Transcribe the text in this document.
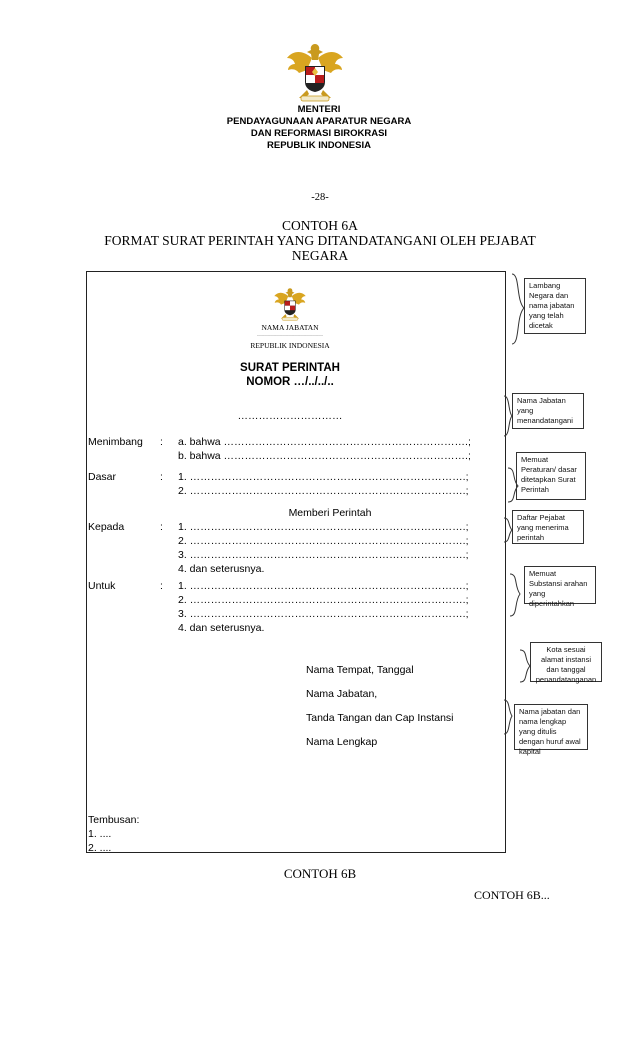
MENTERI
PENDAYAGUNAAN APARATUR NEGARA
DAN REFORMASI BIROKRASI
REPUBLIK INDONESIA
-28-
CONTOH 6A
FORMAT SURAT PERINTAH YANG DITANDATANGANI OLEH PEJABAT
NEGARA
NAMA JABATAN
……………………………
REPUBLIK INDONESIA
SURAT PERINTAH
NOMOR …/../../..
…………………………
Menimbang : a. bahwa …………………………………………………………….;
b. bahwa …………………………………………………………….;
Dasar	: 1. …………………………………………………………………….;
2. …………………………………………………………………….;
Memberi Perintah
Kepada	: 1. …………………………………………………………………….;
2. …………………………………………………………………….;
3. …………………………………………………………………….;
4. dan seterusnya.
Untuk	: 1. …………………………………………………………………….;
2. …………………………………………………………………….;
3. …………………………………………………………………….;
4. dan seterusnya.
Nama Tempat, Tanggal
Nama Jabatan,
Tanda Tangan dan Cap Instansi
Nama Lengkap
Tembusan:
1. ....
2. ....
Lambang Negara dan nama jabatan yang telah dicetak
Nama Jabatan yang menandatangani
Memuat Peraturan/ dasar ditetapkan Surat Perintah
Daftar Pejabat yang menerima perintah
Memuat Substansi arahan yang diperintahkan
Kota sesuai alamat instansi dan tanggal penandatanganan
Nama jabatan dan nama lengkap yang ditulis dengan huruf awal kapital
CONTOH 6B
CONTOH 6B...
